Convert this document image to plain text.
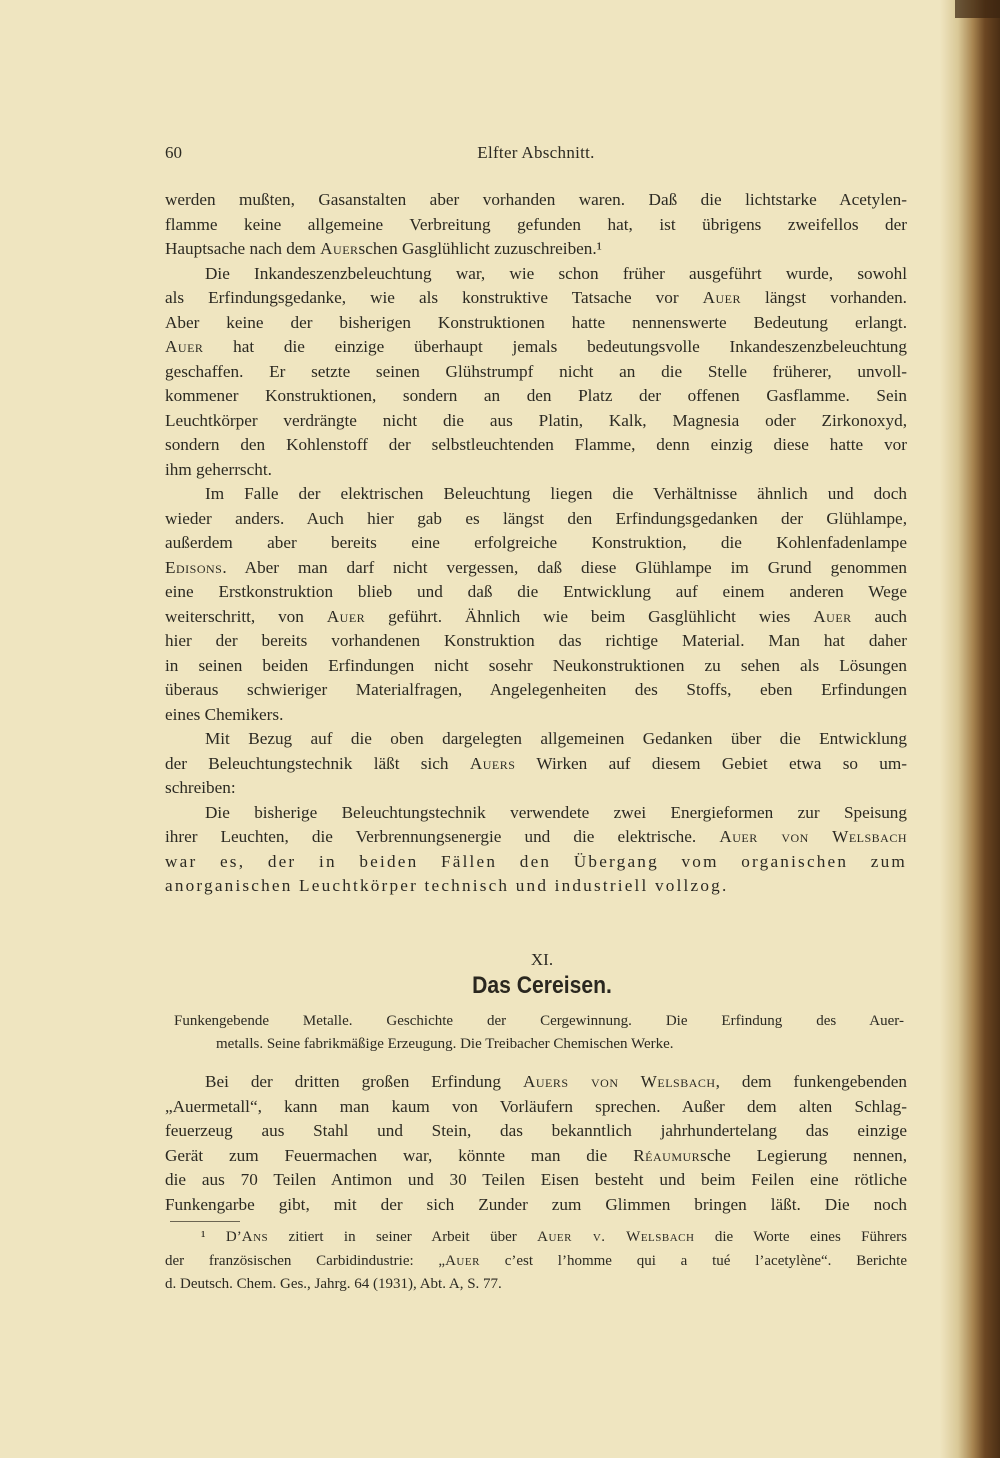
60	Elfter Abschnitt.
werden mußten, Gasanstalten aber vorhanden waren. Daß die lichtstarke Acetylen-
flamme keine allgemeine Verbreitung gefunden hat, ist übrigens zweifellos der
Hauptsache nach dem Auerschen Gasglühlicht zuzuschreiben.¹
Die Inkandeszenzbeleuchtung war, wie schon früher ausgeführt wurde, sowohl
als Erfindungsgedanke, wie als konstruktive Tatsache vor Auer längst vorhanden.
Aber keine der bisherigen Konstruktionen hatte nennenswerte Bedeutung erlangt.
Auer hat die einzige überhaupt jemals bedeutungsvolle Inkandeszenzbeleuchtung
geschaffen. Er setzte seinen Glühstrumpf nicht an die Stelle früherer, unvoll-
kommener Konstruktionen, sondern an den Platz der offenen Gasflamme. Sein
Leuchtkörper verdrängte nicht die aus Platin, Kalk, Magnesia oder Zirkonoxyd,
sondern den Kohlenstoff der selbstleuchtenden Flamme, denn einzig diese hatte vor
ihm geherrscht.
Im Falle der elektrischen Beleuchtung liegen die Verhältnisse ähnlich und doch
wieder anders. Auch hier gab es längst den Erfindungsgedanken der Glühlampe,
außerdem aber bereits eine erfolgreiche Konstruktion, die Kohlenfadenlampe
Edisons. Aber man darf nicht vergessen, daß diese Glühlampe im Grund genommen
eine Erstkonstruktion blieb und daß die Entwicklung auf einem anderen Wege
weiterschritt, von Auer geführt. Ähnlich wie beim Gasglühlicht wies Auer auch
hier der bereits vorhandenen Konstruktion das richtige Material. Man hat daher
in seinen beiden Erfindungen nicht sosehr Neukonstruktionen zu sehen als Lösungen
überaus schwieriger Materialfragen, Angelegenheiten des Stoffs, eben Erfindungen
eines Chemikers.
Mit Bezug auf die oben dargelegten allgemeinen Gedanken über die Entwicklung
der Beleuchtungstechnik läßt sich Auers Wirken auf diesem Gebiet etwa so um-
schreiben:
Die bisherige Beleuchtungstechnik verwendete zwei Energieformen zur Speisung
ihrer Leuchten, die Verbrennungsenergie und die elektrische. Auer von Welsbach
war es, der in beiden Fällen den Übergang vom organischen zum
anorganischen Leuchtkörper technisch und industriell vollzog.
XI.
Das Cereisen.
Funkengebende Metalle. Geschichte der Cergewinnung. Die Erfindung des Auer-
metalls. Seine fabrikmäßige Erzeugung. Die Treibacher Chemischen Werke.
Bei der dritten großen Erfindung Auers von Welsbach, dem funkengebenden
„Auermetall“, kann man kaum von Vorläufern sprechen. Außer dem alten Schlag-
feuerzeug aus Stahl und Stein, das bekanntlich jahrhundertelang das einzige
Gerät zum Feuermachen war, könnte man die Réaumursche Legierung nennen,
die aus 70 Teilen Antimon und 30 Teilen Eisen besteht und beim Feilen eine rötliche
Funkengarbe gibt, mit der sich Zunder zum Glimmen bringen läßt. Die noch
¹ D’Ans zitiert in seiner Arbeit über Auer v. Welsbach die Worte eines Führers
der französischen Carbidindustrie: „Auer c’est l’homme qui a tué l’acetylène“. Berichte
d. Deutsch. Chem. Ges., Jahrg. 64 (1931), Abt. A, S. 77.
